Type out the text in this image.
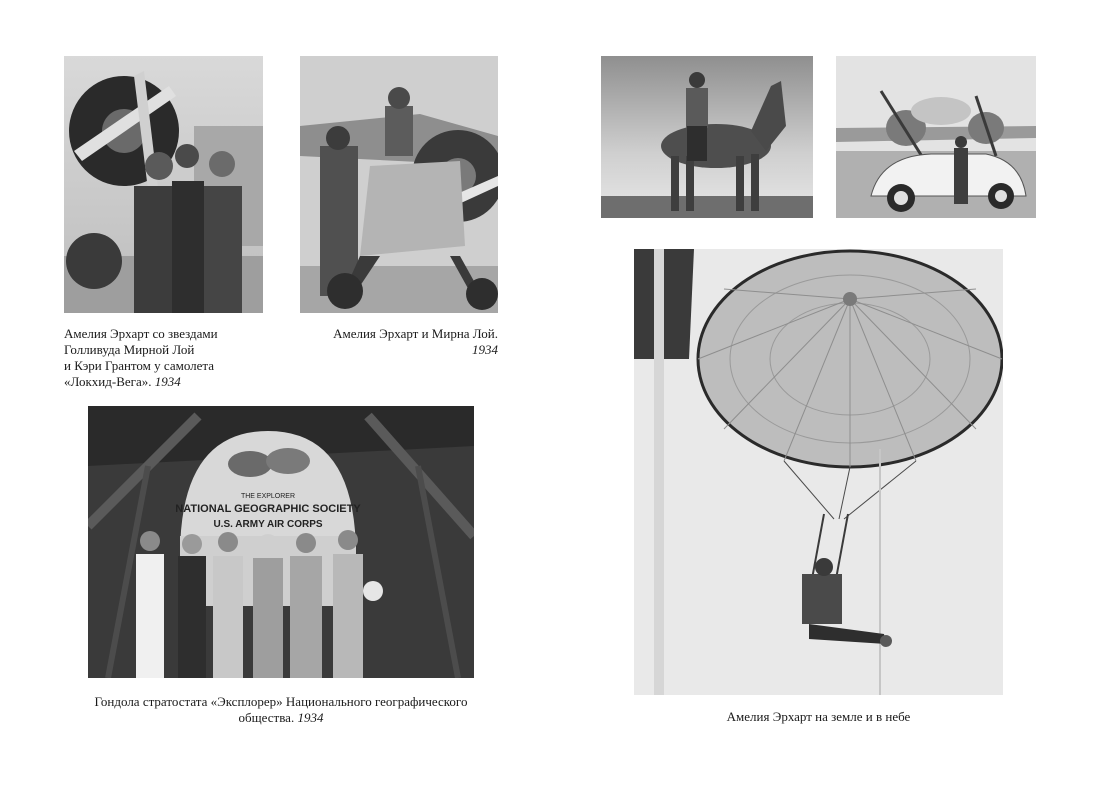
THE EXPLORER
NATIONAL GEOGRAPHIC SOCIETY
U.S. ARMY AIR CORPS
Амелия Эрхарт со звездами
Голливуда Мирной Лой
и Кэри Грантом у самолета
«Локхид-Вега». 1934
Амелия Эрхарт и Мирна Лой.
1934
Гондола стратостата «Эксплорер» Национального географического
общества. 1934	Амелия Эрхарт на земле и в небе
